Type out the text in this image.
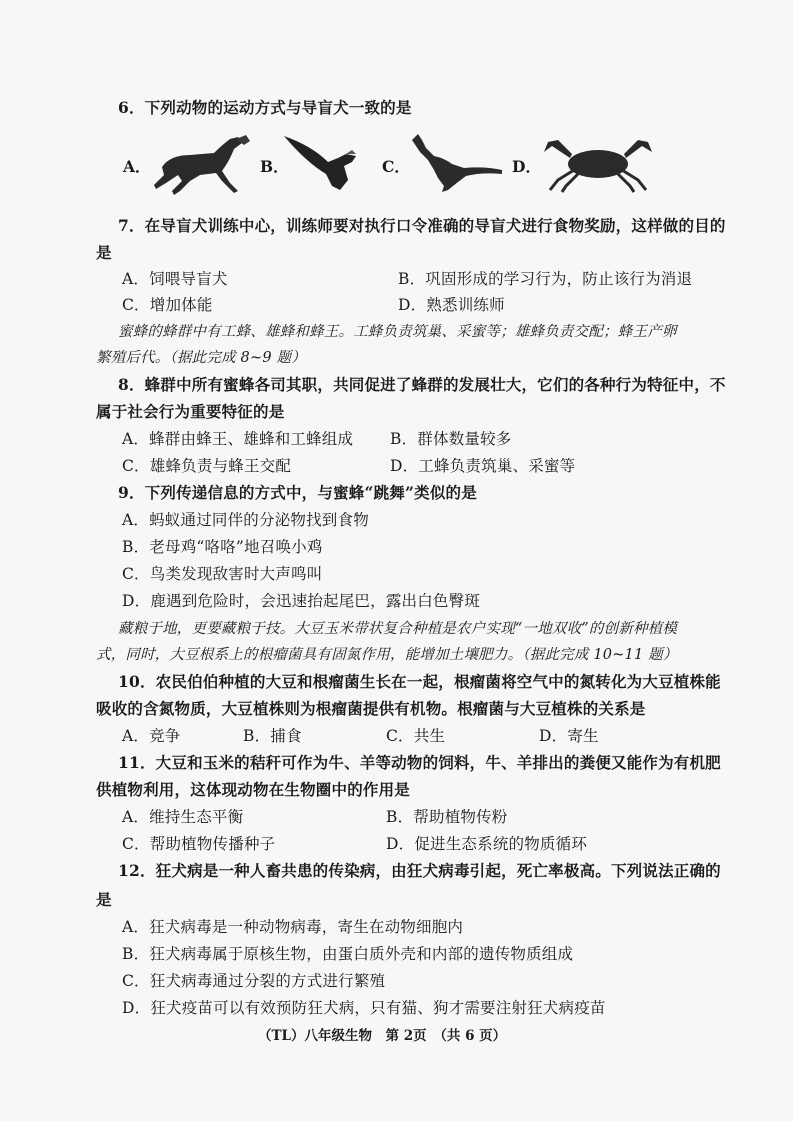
6．下列动物的运动方式与导盲犬一致的是
A．	B．	C．	D．
7．在导盲犬训练中心，训练师要对执行口令准确的导盲犬进行食物奖励，这样做的目的
是
A．饲喂导盲犬	B．巩固形成的学习行为，防止该行为消退
C．增加体能	D．熟悉训练师
蜜蜂的蜂群中有工蜂、雄蜂和蜂王。工蜂负责筑巢、采蜜等；雄蜂负责交配；蜂王产卵
繁殖后代。（据此完成 8~9 题）
8．蜂群中所有蜜蜂各司其职，共同促进了蜂群的发展壮大，它们的各种行为特征中，不
属于社会行为重要特征的是
A．蜂群由蜂王、雄蜂和工蜂组成 B．群体数量较多
C．雄蜂负责与蜂王交配	D．工蜂负责筑巢、采蜜等
9．下列传递信息的方式中，与蜜蜂“跳舞”类似的是
A．蚂蚁通过同伴的分泌物找到食物
B．老母鸡“咯咯”地召唤小鸡
C．鸟类发现敌害时大声鸣叫
D．鹿遇到危险时，会迅速抬起尾巴，露出白色臀斑
藏粮于地，更要藏粮于技。大豆玉米带状复合种植是农户实现“一地双收”的创新种植模
式，同时，大豆根系上的根瘤菌具有固氮作用，能增加土壤肥力。（据此完成 10~11 题）
10．农民伯伯种植的大豆和根瘤菌生长在一起，根瘤菌将空气中的氮转化为大豆植株能
吸收的含氮物质，大豆植株则为根瘤菌提供有机物。根瘤菌与大豆植株的关系是
A．竞争	B．捕食	C．共生	D．寄生
11．大豆和玉米的秸秆可作为牛、羊等动物的饲料，牛、羊排出的粪便又能作为有机肥
供植物利用，这体现动物在生物圈中的作用是
A．维持生态平衡	B．帮助植物传粉
C．帮助植物传播种子	D．促进生态系统的物质循环
12．狂犬病是一种人畜共患的传染病，由狂犬病毒引起，死亡率极高。下列说法正确的
是
A．狂犬病毒是一种动物病毒，寄生在动物细胞内
B．狂犬病毒属于原核生物，由蛋白质外壳和内部的遗传物质组成
C．狂犬病毒通过分裂的方式进行繁殖
D．狂犬疫苗可以有效预防狂犬病，只有猫、狗才需要注射狂犬病疫苗
（TL）八年级生物　第 2页　（共 6 页）
